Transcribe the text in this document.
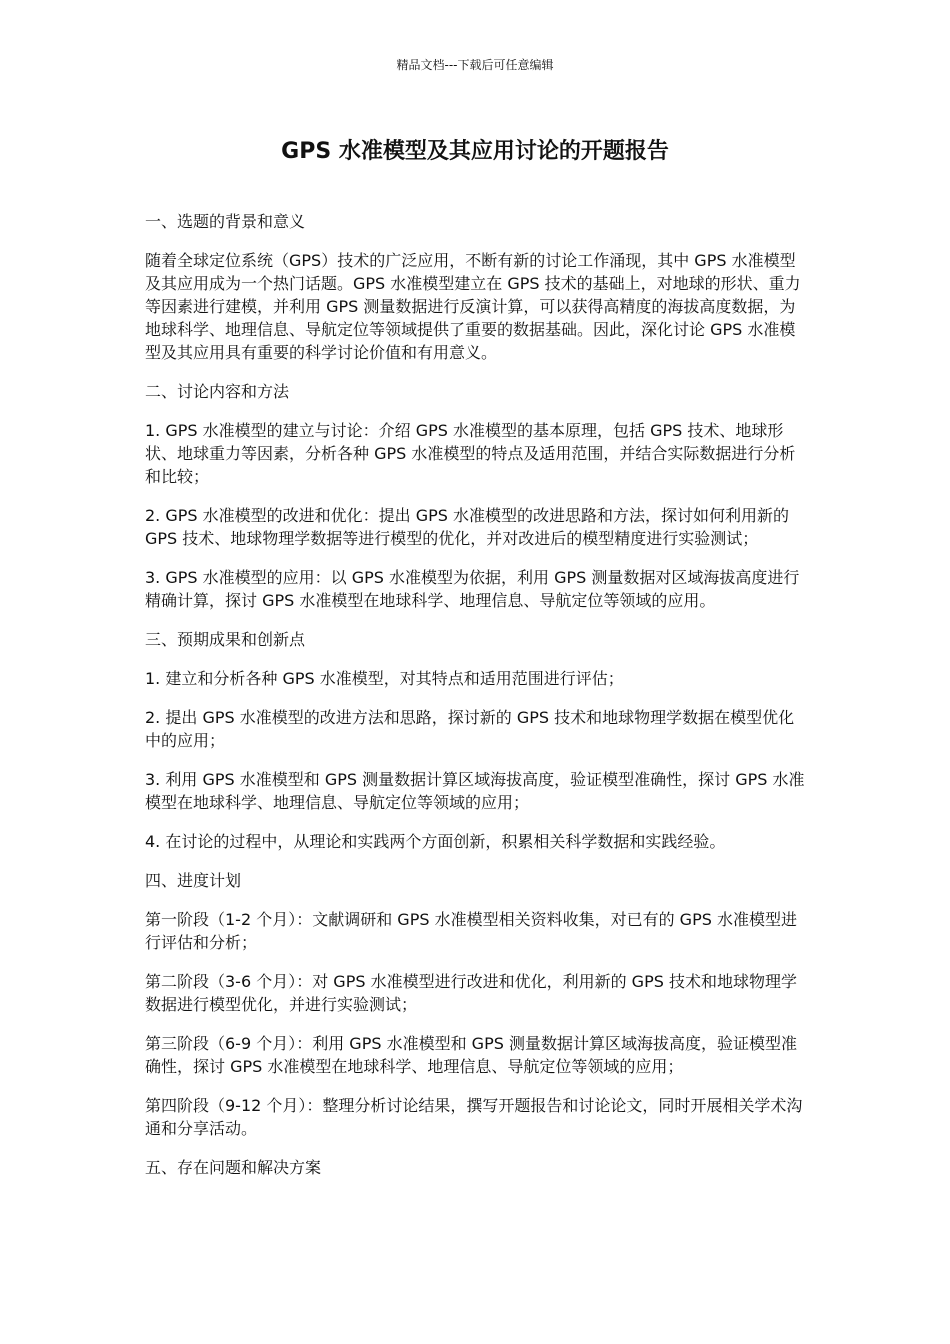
精品文档---下载后可任意编辑
GPS 水准模型及其应用讨论的开题报告

一、选题的背景和意义

随着全球定位系统（GPS）技术的广泛应用，不断有新的讨论工作涌现，其中 GPS 水准模型及其应用成为一个热门话题。GPS 水准模型建立在 GPS 技术的基础上，对地球的形状、重力等因素进行建模，并利用 GPS 测量数据进行反演计算，可以获得高精度的海拔高度数据，为地球科学、地理信息、导航定位等领域提供了重要的数据基础。因此，深化讨论 GPS 水准模型及其应用具有重要的科学讨论价值和有用意义。

二、讨论内容和方法

1. GPS 水准模型的建立与讨论：介绍 GPS 水准模型的基本原理，包括 GPS 技术、地球形状、地球重力等因素，分析各种 GPS 水准模型的特点及适用范围，并结合实际数据进行分析和比较；

2. GPS 水准模型的改进和优化：提出 GPS 水准模型的改进思路和方法，探讨如何利用新的 GPS 技术、地球物理学数据等进行模型的优化，并对改进后的模型精度进行实验测试；

3. GPS 水准模型的应用：以 GPS 水准模型为依据，利用 GPS 测量数据对区域海拔高度进行精确计算，探讨 GPS 水准模型在地球科学、地理信息、导航定位等领域的应用。

三、预期成果和创新点

1. 建立和分析各种 GPS 水准模型，对其特点和适用范围进行评估；

2. 提出 GPS 水准模型的改进方法和思路，探讨新的 GPS 技术和地球物理学数据在模型优化中的应用；

3. 利用 GPS 水准模型和 GPS 测量数据计算区域海拔高度，验证模型准确性，探讨 GPS 水准模型在地球科学、地理信息、导航定位等领域的应用；

4. 在讨论的过程中，从理论和实践两个方面创新，积累相关科学数据和实践经验。

四、进度计划

第一阶段（1-2 个月）：文献调研和 GPS 水准模型相关资料收集，对已有的 GPS 水准模型进行评估和分析；

第二阶段（3-6 个月）：对 GPS 水准模型进行改进和优化，利用新的 GPS 技术和地球物理学数据进行模型优化，并进行实验测试；

第三阶段（6-9 个月）：利用 GPS 水准模型和 GPS 测量数据计算区域海拔高度，验证模型准确性，探讨 GPS 水准模型在地球科学、地理信息、导航定位等领域的应用；

第四阶段（9-12 个月）：整理分析讨论结果，撰写开题报告和讨论论文，同时开展相关学术沟通和分享活动。

五、存在问题和解决方案
